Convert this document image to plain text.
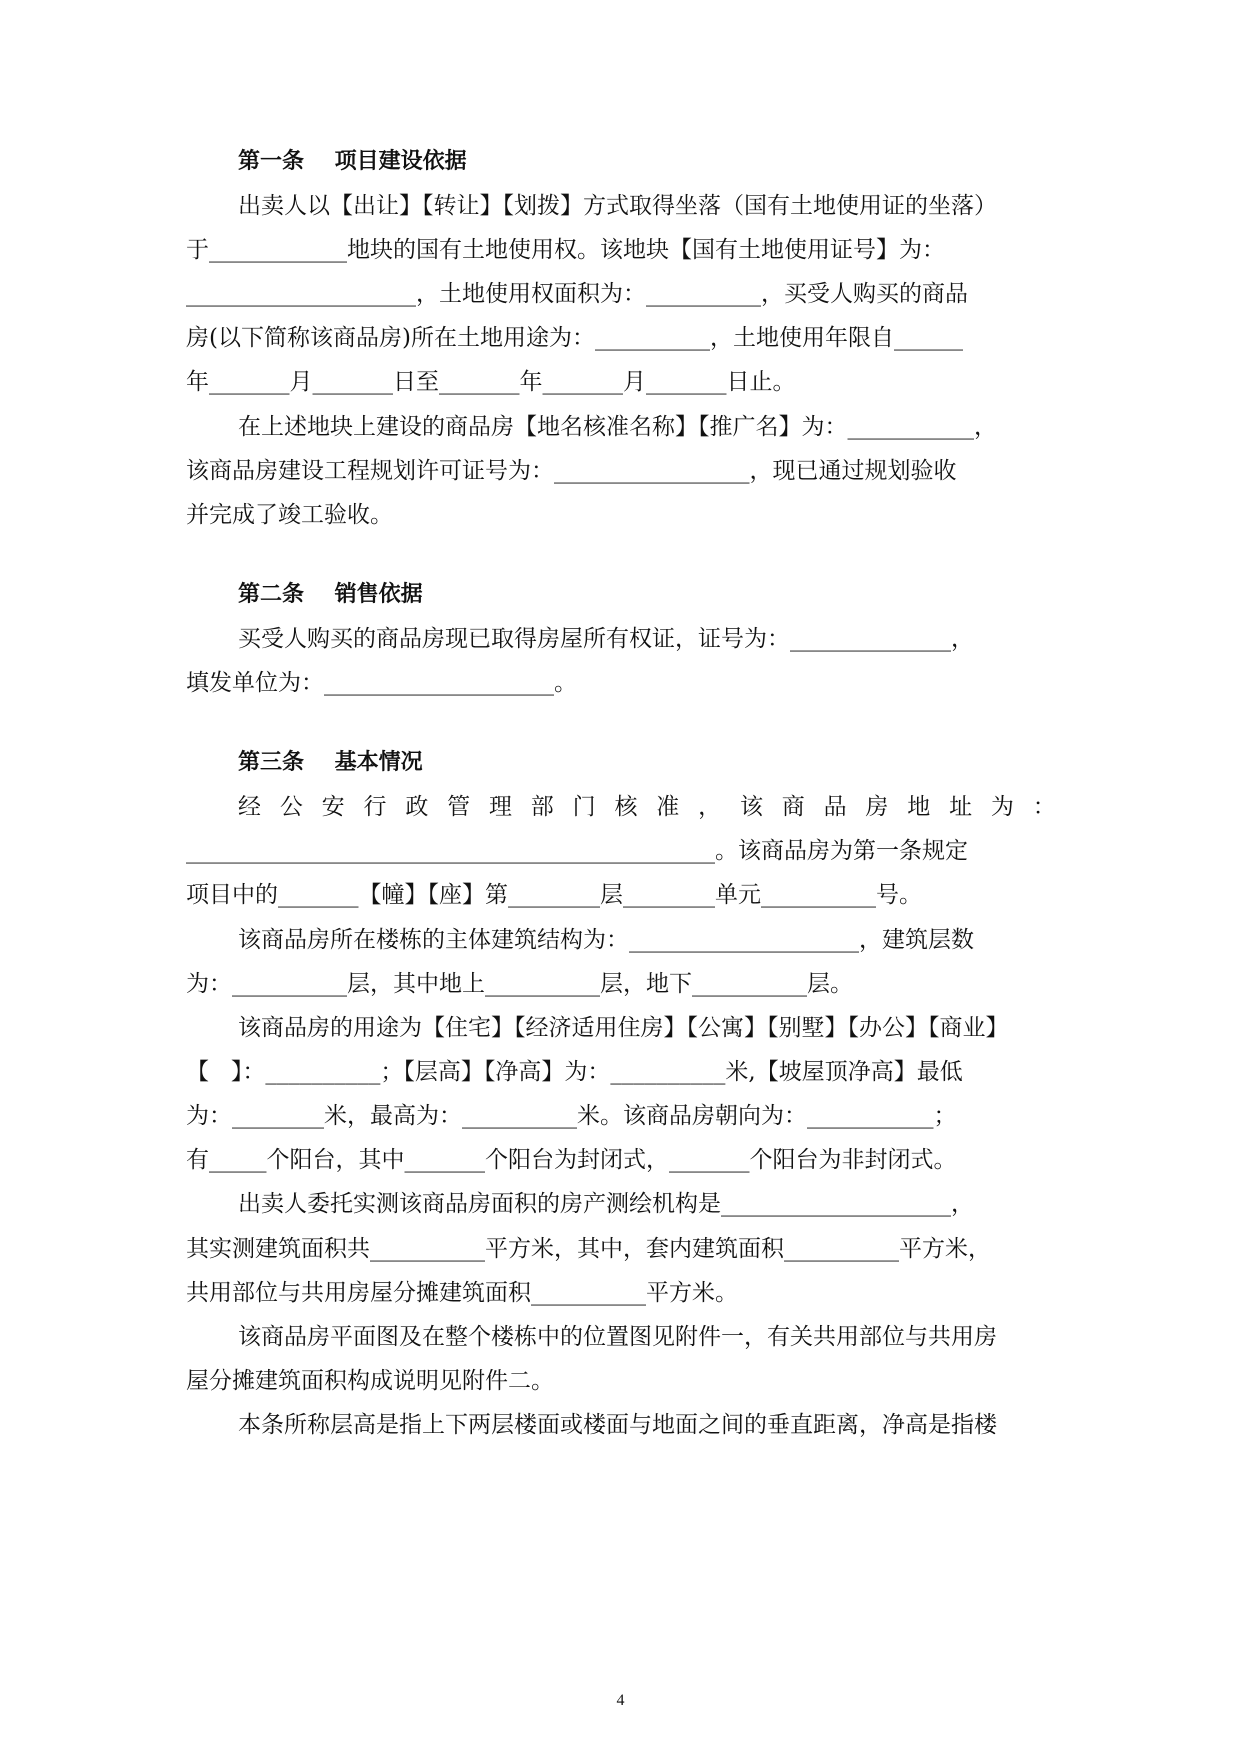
第一条    项目建设依据
出卖人以【出让】【转让】【划拨】方式取得坐落（国有土地使用证的坐落）
于____________地块的国有土地使用权。该地块【国有土地使用证号】为：
____________________，土地使用权面积为：__________，买受人购买的商品
房(以下简称该商品房)所在土地用途为：__________，土地使用年限自______
年_______月_______日至_______年_______月_______日止。
在上述地块上建设的商品房【地名核准名称】【推广名】为：___________，
该商品房建设工程规划许可证号为：_________________，现已通过规划验收
并完成了竣工验收。
第二条    销售依据
买受人购买的商品房现已取得房屋所有权证，证号为：______________，
填发单位为：____________________。
第三条    基本情况
经 公 安 行 政 管 理 部 门 核 准 ， 该 商 品 房 地 址 为 ：
______________________________________________。该商品房为第一条规定
项目中的_______【幢】【座】第________层________单元__________号。
该商品房所在楼栋的主体建筑结构为：____________________，建筑层数
为：__________层，其中地上__________层，地下__________层。
该商品房的用途为【住宅】【经济适用住房】【公寓】【别墅】【办公】【商业】
【   】：__________；【层高】【净高】为：__________米,【坡屋顶净高】最低
为：________米，最高为：__________米。该商品房朝向为：___________；
有_____个阳台，其中_______个阳台为封闭式，_______个阳台为非封闭式。
出卖人委托实测该商品房面积的房产测绘机构是____________________，
其实测建筑面积共__________平方米，其中，套内建筑面积__________平方米，
共用部位与共用房屋分摊建筑面积__________平方米。
该商品房平面图及在整个楼栋中的位置图见附件一，有关共用部位与共用房
屋分摊建筑面积构成说明见附件二。
本条所称层高是指上下两层楼面或楼面与地面之间的垂直距离，净高是指楼
4
